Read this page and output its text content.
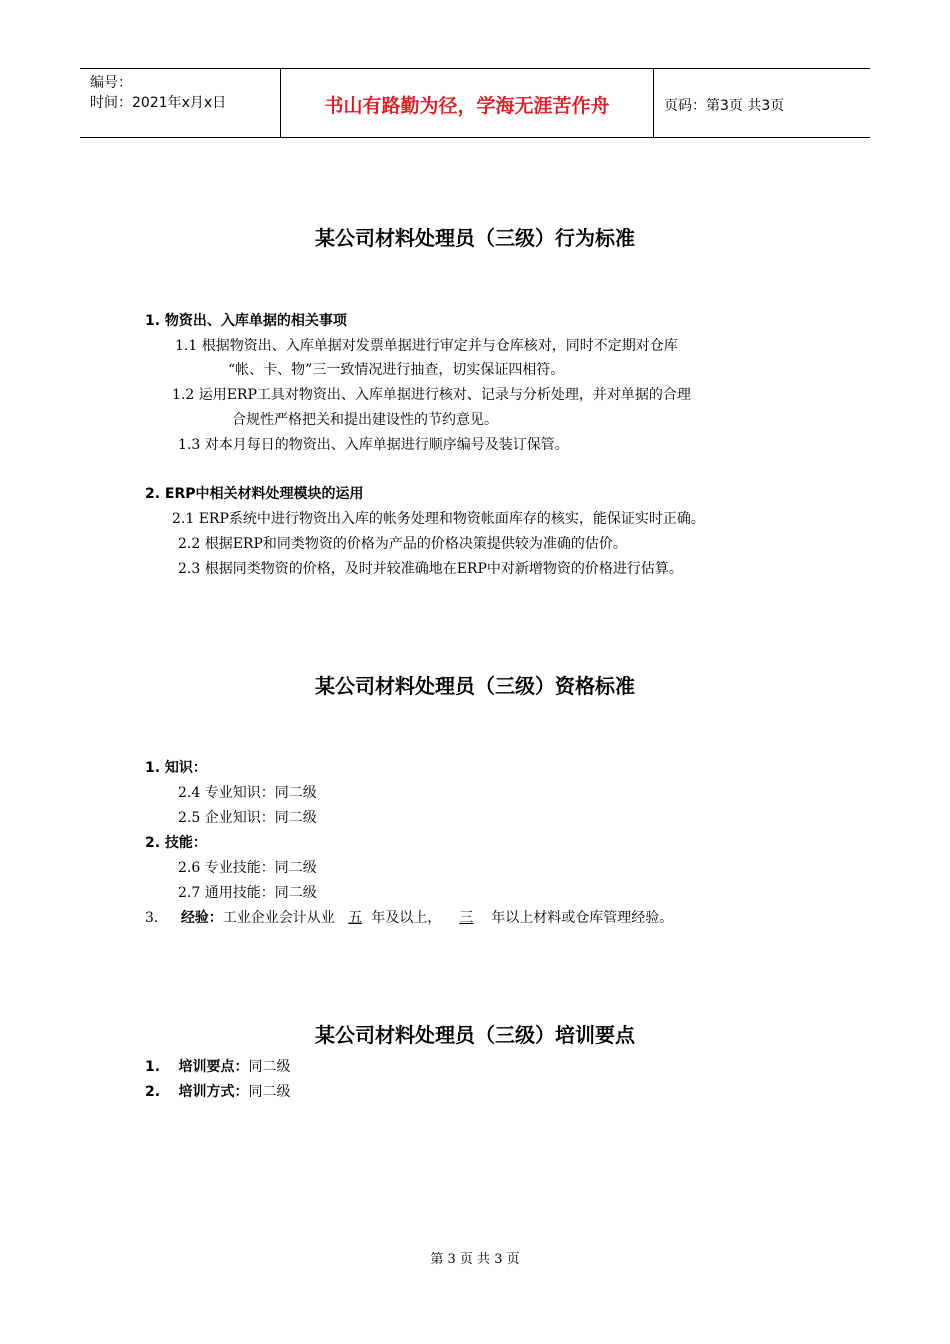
编号：
时间：2021年x月x日	书山有路勤为径，学海无涯苦作舟	页码：第3页 共3页
某公司材料处理员（三级）行为标准
1. 物资出、入库单据的相关事项
1.1 根据物资出、入库单据对发票单据进行审定并与仓库核对，同时不定期对仓库
“帐、卡、物”三一致情况进行抽查，切实保证四相符。
1.2 运用ERP工具对物资出、入库单据进行核对、记录与分析处理，并对单据的合理
合规性严格把关和提出建设性的节约意见。
1.3 对本月每日的物资出、入库单据进行顺序编号及装订保管。
2. ERP中相关材料处理模块的运用
2.1 ERP系统中进行物资出入库的帐务处理和物资帐面库存的核实，能保证实时正确。
2.2 根据ERP和同类物资的价格为产品的价格决策提供较为准确的估价。
2.3 根据同类物资的价格，及时并较准确地在ERP中对新增物资的价格进行估算。
某公司材料处理员（三级）资格标准
1. 知识：
2.4 专业知识：同二级
2.5 企业知识：同二级
2. 技能：
2.6 专业技能：同二级
2.7 通用技能：同二级
3. 经验：工业企业会计从业 五 年及以上， 三 年以上材料或仓库管理经验。
某公司材料处理员（三级）培训要点
1. 培训要点：同二级
2. 培训方式：同二级
第 3 页 共 3 页
